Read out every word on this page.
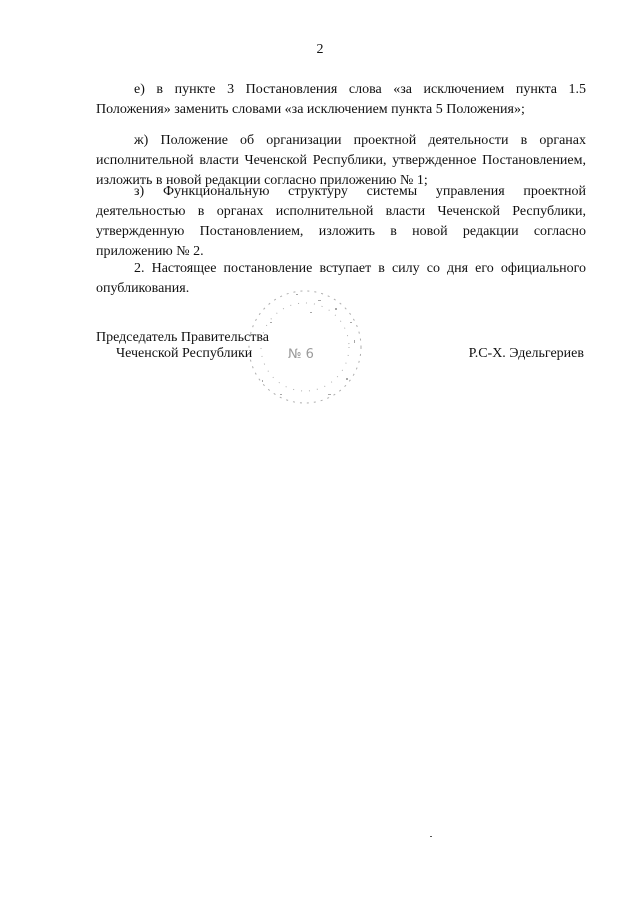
2

е) в пункте 3 Постановления слова «за исключением пункта 1.5 Положения» заменить словами «за исключением пункта 5 Положения»;

ж) Положение об организации проектной деятельности в органах исполнительной власти Чеченской Республики, утвержденное Постановлением, изложить в новой редакции согласно приложению № 1;

з) Функциональную структуру системы управления проектной деятельностью в органах исполнительной власти Чеченской Республики, утвержденную Постановлением, изложить в новой редакции согласно приложению № 2.

2. Настоящее постановление вступает в силу со дня его официального опубликования.

Председатель Правительства
Чеченской Республики	№ 6	Р.С-Х. Эдельгериев
